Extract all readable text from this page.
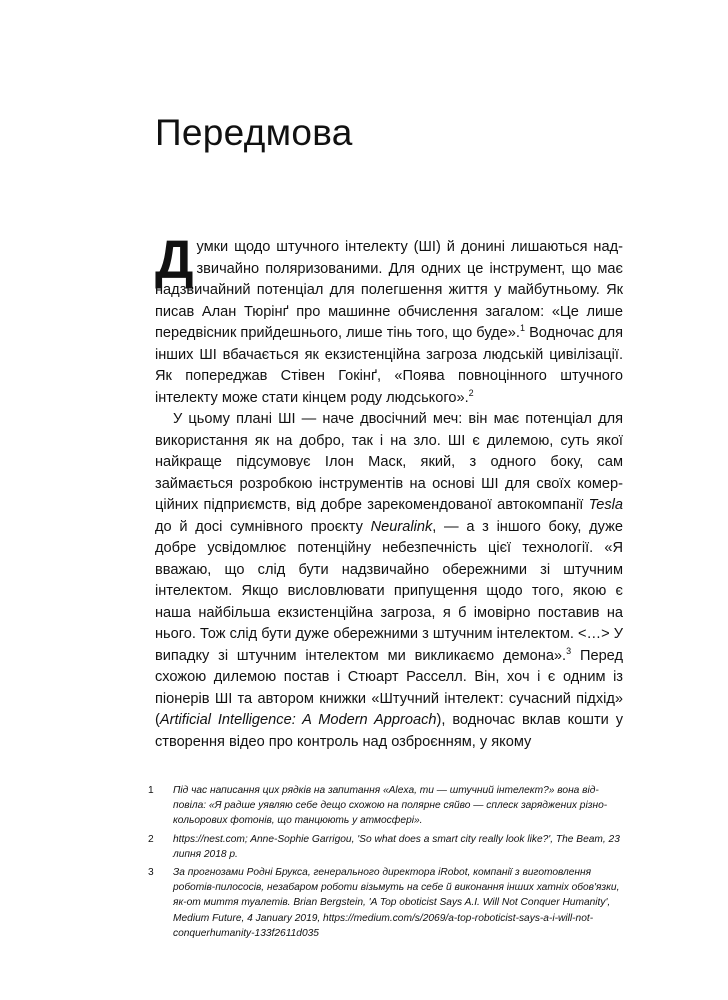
Передмова

Думки щодо штучного інтелекту (ШІ) й донині лишаються надзвичайно поляризованими. Для одних це інструмент, що має надзвичайний потенціал для полегшення життя у майбутньому. Як писав Алан Тюрінґ про машинне обчислення загалом: «Це лише передвісник прийдешнього, лише тінь того, що буде».$^1$ Водночас для інших ШІ вбачається як екзистенційна загроза людській цивілізації. Як попереджав Стівен Гокінґ, «Поява повноцінного штучного інтелекту може стати кінцем роду людського».$^2$

У цьому плані ШІ — наче двосічний меч: він має потенціал для використання як на добро, так і на зло. ШІ є дилемою, суть якої найкраще підсумовує Ілон Маск, який, з одного боку, сам займається розробкою інструментів на основі ШІ для своїх комерційних підприємств, від добре зарекомендованої автокомпанії Tesla до й досі сумнівного проєкту Neuralink, — а з іншого боку, дуже добре усвідомлює потенційну небезпечність цієї технології. «Я вважаю, що слід бути надзвичайно обережними зі штучним інтелектом. Якщо висловлювати припущення щодо того, якою є наша найбільша екзистенційна загроза, я б імовірно поставив на нього. Тож слід бути дуже обережними з штучним інтелектом. <…> У випадку зі штучним інтелектом ми викликаємо демона».$^3$ Перед схожою дилемою постав і Стюарт Расселл. Він, хоч і є одним із піонерів ШІ та автором книжки «Штучний інтелект: сучасний підхід» (Artificial Intelligence: A Modern Approach), водночас вклав кошти у створення відео про контроль над озброєнням, у якому

1	Під час написання цих рядків на запитання «Alexa, ти — штучний інтелект?» вона відповіла: «Я радше уявляю себе дещо схожою на полярне сяйво — сплеск заряджених різнокольорових фотонів, що танцюють у атмосфері».
2	https://nest.com; Anne-Sophie Garrigou, 'So what does a smart city really look like?', The Beam, 23 липня 2018 р.
3	За прогнозами Родні Брукса, генерального директора iRobot, компанії з виготовлення роботів-пилососів, незабаром роботи візьмуть на себе й виконання інших хатніх обов'язки, як-от миття туалетів. Brian Bergstein, 'A Top oboticist Says A.I. Will Not Conquer Humanity', Medium Future, 4 January 2019, https://medium.com/s/2069/a-top-roboticist-says-a-i-will-not-conquerhumanity-133f2611d035
